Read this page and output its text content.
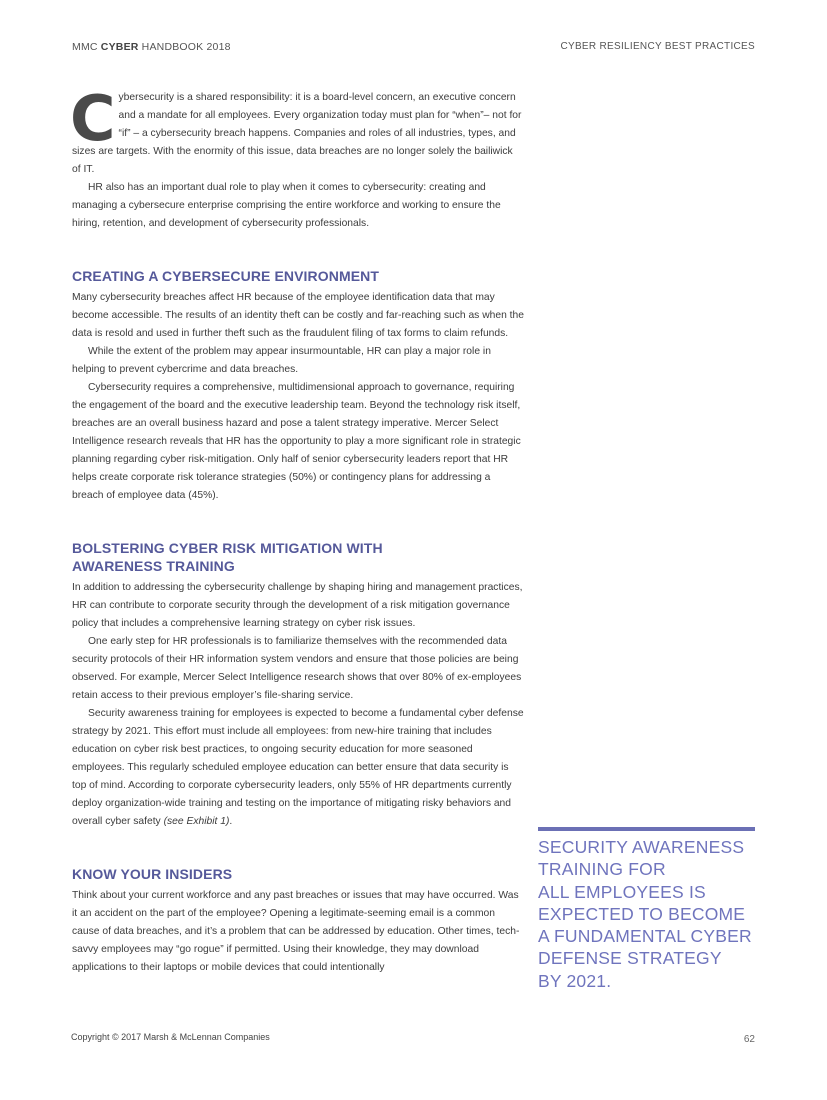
MMC CYBER HANDBOOK 2018	CYBER RESILIENCY BEST PRACTICES
C ybersecurity is a shared responsibility: it is a board-level concern, an executive concern and a mandate for all employees. Every organization today must plan for “when”– not for “if” – a cybersecurity breach happens. Companies and roles of all industries, types, and sizes are targets. With the enormity of this issue, data breaches are no longer solely the bailiwick of IT.

HR also has an important dual role to play when it comes to cybersecurity: creating and managing a cybersecure enterprise comprising the entire workforce and working to ensure the hiring, retention, and development of cybersecurity professionals.

CREATING A CYBERSECURE ENVIRONMENT

Many cybersecurity breaches affect HR because of the employee identification data that may become accessible. The results of an identity theft can be costly and far-reaching such as when the data is resold and used in further theft such as the fraudulent filing of tax forms to claim refunds.

While the extent of the problem may appear insurmountable, HR can play a major role in helping to prevent cybercrime and data breaches.

Cybersecurity requires a comprehensive, multidimensional approach to governance, requiring the engagement of the board and the executive leadership team. Beyond the technology risk itself, breaches are an overall business hazard and pose a talent strategy imperative. Mercer Select Intelligence research reveals that HR has the opportunity to play a more significant role in strategic planning regarding cyber risk-mitigation. Only half of senior cybersecurity leaders report that HR helps create corporate risk tolerance strategies (50%) or contingency plans for addressing a breach of employee data (45%).

BOLSTERING CYBER RISK MITIGATION WITH
AWARENESS TRAINING

In addition to addressing the cybersecurity challenge by shaping hiring and management practices, HR can contribute to corporate security through the development of a risk mitigation governance policy that includes a comprehensive learning strategy on cyber risk issues.

One early step for HR professionals is to familiarize themselves with the recommended data security protocols of their HR information system vendors and ensure that those policies are being observed. For example, Mercer Select Intelligence research shows that over 80% of ex-employees retain access to their previous employer’s file-sharing service.

Security awareness training for employees is expected to become a fundamental cyber defense strategy by 2021. This effort must include all employees: from new-hire training that includes education on cyber risk best practices, to ongoing security education for more seasoned employees. This regularly scheduled employee education can better ensure that data security is top of mind. According to corporate cybersecurity leaders, only 55% of HR departments currently deploy organization-wide training and testing on the importance of mitigating risky behaviors and overall cyber safety (see Exhibit 1).

KNOW YOUR INSIDERS

Think about your current workforce and any past breaches or issues that may have occurred. Was it an accident on the part of the employee? Opening a legitimate-seeming email is a common cause of data breaches, and it’s a problem that can be addressed by education. Other times, tech-savvy employees may “go rogue” if permitted. Using their knowledge, they may download applications to their laptops or mobile devices that could intentionally

SECURITY AWARENESS
TRAINING FOR
ALL EMPLOYEES IS
EXPECTED TO BECOME
A FUNDAMENTAL CYBER
DEFENSE STRATEGY
BY 2021.
Copyright © 2017 Marsh & McLennan Companies	62
